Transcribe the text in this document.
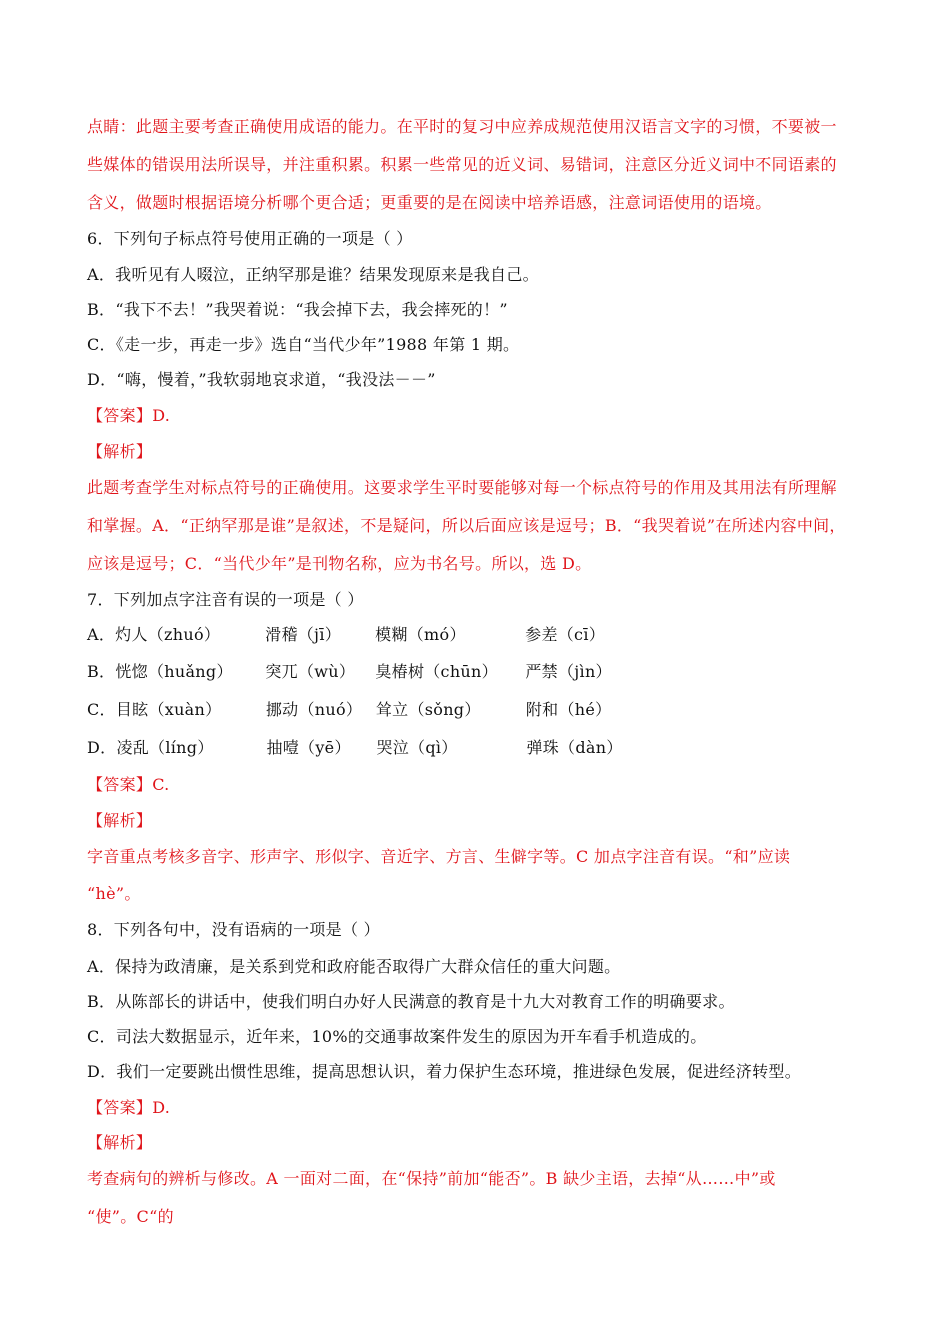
点睛：此题主要考查正确使用成语的能力。在平时的复习中应养成规范使用汉语言文字的习惯，不要被一
些媒体的错误用法所误导，并注重积累。积累一些常见的近义词、易错词，注意区分近义词中不同语素的
含义，做题时根据语境分析哪个更合适；更重要的是在阅读中培养语感，注意词语使用的语境。
6．下列句子标点符号使用正确的一项是（ ）
A．我听见有人啜泣，正纳罕那是谁？结果发现原来是我自己。
B．“我下不去！”我哭着说：“我会掉下去，我会摔死的！”
C．《走一步，再走一步》选自“当代少年”1988 年第 1 期。
D．“嗨，慢着，”我软弱地哀求道，“我没法－－”
【答案】D.
【解析】
此题考查学生对标点符号的正确使用。这要求学生平时要能够对每一个标点符号的作用及其用法有所理解
和掌握。A．“正纳罕那是谁”是叙述，不是疑问，所以后面应该是逗号；B．“我哭着说”在所述内容中间，
应该是逗号；C．“当代少年”是刊物名称，应为书名号。所以，选 D。
7．下列加点字注音有误的一项是（ ）
A．灼人（zhuó）	滑稽（jī） 模糊（mó）	参差（cī）
B．恍惚（huǎng） 突兀（wù） 臭椿树（chūn） 严禁（jìn）
C．目眩（xuàn）	挪动（nuó） 耸立（sǒng）	附和（hé）
D．凌乱（líng）	抽噎（yē） 哭泣（qì）	弹珠（dàn）
【答案】C.
【解析】
字音重点考核多音字、形声字、形似字、音近字、方言、生僻字等。C 加点字注音有误。“和”应读
“hè”。
8．下列各句中，没有语病的一项是（ ）
A．保持为政清廉，是关系到党和政府能否取得广大群众信任的重大问题。
B．从陈部长的讲话中，使我们明白办好人民满意的教育是十九大对教育工作的明确要求。
C．司法大数据显示，近年来，10%的交通事故案件发生的原因为开车看手机造成的。
D．我们一定要跳出惯性思维，提高思想认识，着力保护生态环境，推进绿色发展，促进经济转型。
【答案】D.
【解析】
考查病句的辨析与修改。A 一面对二面，在“保持”前加“能否”。B 缺少主语，去掉“从……中”或
“使”。C“的
